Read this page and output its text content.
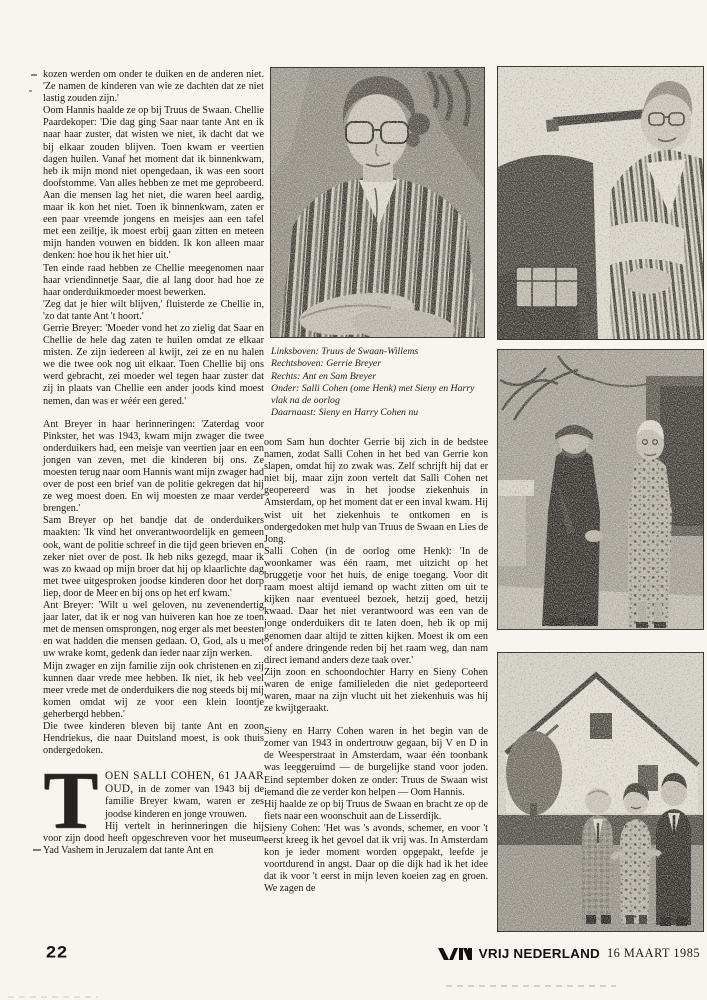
kozen werden om onder te duiken en de anderen niet. 'Ze namen de kinderen van wie ze dachten dat ze niet lastig zouden zijn.'

Oom Hannis haalde ze op bij Truus de Swaan. Chellie Paardekoper: 'Die dag ging Saar naar tante Ant en ik naar haar zuster, dat wisten we niet, ik dacht dat we bij elkaar zouden blijven. Toen kwam er veertien dagen huilen. Vanaf het moment dat ik binnenkwam, heb ik mijn mond niet opengedaan, ik was een soort doofstomme. Van alles hebben ze met me geprobeerd. Aan die mensen lag het niet, die waren heel aardig, maar ik kon het niet. Toen ik binnenkwam, zaten er een paar vreemde jongens en meisjes aan een tafel met een zeiltje, ik moest erbij gaan zitten en meteen mijn handen vouwen en bidden. Ik kon alleen maar denken: hoe hou ik het hier uit.'

Ten einde raad hebben ze Chellie meegenomen naar haar vriendinnetje Saar, die al lang door had hoe ze haar onderduikmoeder moest bewerken.

'Zeg dat je hier wilt blijven,' fluisterde ze Chellie in, 'zo dat tante Ant 't hoort.'

Gerrie Breyer: 'Moeder vond het zo zielig dat Saar en Chellie de hele dag zaten te huilen omdat ze elkaar misten. Ze zijn iedereen al kwijt, zei ze en nu halen we die twee ook nog uit elkaar. Toen Chellie bij ons werd gebracht, zei moeder wel tegen haar zuster dat zij in plaats van Chellie een ander joods kind moest nemen, dan was er wéér een gered.'

Ant Breyer in haar herinneringen: 'Zaterdag voor Pinkster, het was 1943, kwam mijn zwager die twee onderduikers had, een meisje van veertien jaar en een jongen van zeven, met die kinderen bij ons. Ze moesten terug naar oom Hannis want mijn zwager had over de post een brief van de politie gekregen dat hij ze weg moest doen. En wij moesten ze maar verder brengen.'

Sam Breyer op het bandje dat de onderduikers maakten: 'Ik vind het onverantwoordelijk en gemeen ook, want de politie schreef in die tijd geen brieven en zeker niet over de post. Ik heb niks gezegd, maar ik was zo kwaad op mijn broer dat hij op klaarlichte dag met twee uitgesproken joodse kinderen door het dorp liep, door de Meer en bij ons op het erf kwam.'

Ant Breyer: 'Wilt u wel geloven, nu zevenendertig jaar later, dat ik er nog van huiveren kan hoe ze toen met de mensen omsprongen, nog erger als met beesten en wat hadden die mensen gedaan. O, God, als u met uw wrake komt, gedenk dan ieder naar zijn werken.

Mijn zwager en zijn familie zijn ook christenen en zij kunnen daar vrede mee hebben. Ik niet, ik heb veel meer vrede met de onderduikers die nog steeds bij mij komen omdat wij ze voor een klein loontje geherbergd hebben.'

Die twee kinderen bleven bij tante Ant en zoon Hendriekus, die naar Duitsland moest, is ook thuis ondergedoken.

T OEN SALLI COHEN, 61 JAAR OUD, in de zomer van 1943 bij de familie Breyer kwam, waren er zes joodse kinderen en jonge vrouwen.

Hij vertelt in herinneringen die hij voor zijn dood heeft opgeschreven voor het museum Yad Vashem in Jeruzalem dat tante Ant en

Linksboven: Truus de Swaan-Willems
Rechtsboven: Gerrie Breyer
Rechts: Ant en Sam Breyer
Onder: Salli Cohen (ome Henk) met Sieny en Harry vlak na de oorlog
Daarnaast: Sieny en Harry Cohen nu

oom Sam hun dochter Gerrie bij zich in de bedstee namen, zodat Salli Cohen in het bed van Gerrie kon slapen, omdat hij zo zwak was. Zelf schrijft hij dat er niet bij, maar zijn zoon vertelt dat Salli Cohen net geopereerd was in het joodse ziekenhuis in Amsterdam, op het moment dat er een inval kwam. Hij wist uit het ziekenhuis te ontkomen en is ondergedoken met hulp van Truus de Swaan en Lies de Jong.

Salli Cohen (in de oorlog ome Henk): 'In de woonkamer was één raam, met uitzicht op het bruggetje voor het huis, de enige toegang. Voor dit raam moest altijd iemand op wacht zitten om uit te kijken naar eventueel bezoek, hetzij goed, hetzij kwaad. Daar het niet verantwoord was een van de jonge onderduikers dit te laten doen, heb ik op mij genomen daar altijd te zitten kijken. Moest ik om een of andere dringende reden bij het raam weg, dan nam direct iemand anders deze taak over.'

Zijn zoon en schoondochter Harry en Sieny Cohen waren de enige familieleden die niet gedeporteerd waren, maar na zijn vlucht uit het ziekenhuis was hij ze kwijtgeraakt.

Sieny en Harry Cohen waren in het begin van de zomer van 1943 in ondertrouw gegaan, bij V en D in de Weesperstraat in Amsterdam, waar één toonbank was leeggeruimd — de burgelijke stand voor joden. Eind september doken ze onder: Truus de Swaan wist iemand die ze verder kon helpen — Oom Hannis.

Hij haalde ze op bij Truus de Swaan en bracht ze op de fiets naar een woonschuit aan de Lisserdijk.

Sieny Cohen: 'Het was 's avonds, schemer, en voor 't eerst kreeg ik het gevoel dat ik vrij was. In Amsterdam kon je ieder moment worden opgepakt, leefde je voortdurend in angst. Daar op die dijk had ik het idee dat ik voor 't eerst in mijn leven koeien zag en groen. We zagen de

22	VRIJ NEDERLAND 16 MAART 1985
